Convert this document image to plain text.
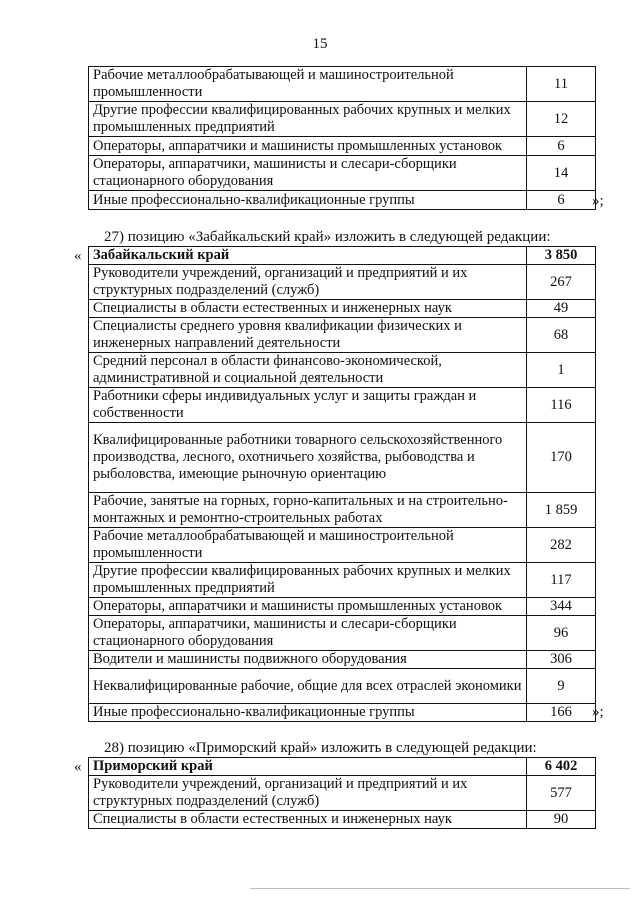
15
Рабочие металлообрабатывающей и машиностроительной промышленности	11
Другие профессии квалифицированных рабочих крупных и мелких промышленных предприятий	12
Операторы, аппаратчики и машинисты промышленных установок	6
Операторы, аппаратчики, машинисты и слесари-сборщики стационарного оборудования	14
Иные профессионально-квалификационные группы	6 »;
27) позицию «Забайкальский край» изложить в следующей редакции:
« Забайкальский край	3 850
Руководители учреждений, организаций и предприятий и их структурных подразделений (служб)	267
Специалисты в области естественных и инженерных наук	49
Специалисты среднего уровня квалификации физических и инженерных направлений деятельности	68
Средний персонал в области финансово-экономической, административной и социальной деятельности	1
Работники сферы индивидуальных услуг и защиты граждан и собственности	116
Квалифицированные работники товарного сельскохозяйственного производства, лесного, охотничьего хозяйства, рыбоводства и рыболовства, имеющие рыночную ориентацию	170
Рабочие, занятые на горных, горно-капитальных и на строительно-монтажных и ремонтно-строительных работах	1 859
Рабочие металлообрабатывающей и машиностроительной промышленности	282
Другие профессии квалифицированных рабочих крупных и мелких промышленных предприятий	117
Операторы, аппаратчики и машинисты промышленных установок	344
Операторы, аппаратчики, машинисты и слесари-сборщики стационарного оборудования	96
Водители и машинисты подвижного оборудования	306
Неквалифицированные рабочие, общие для всех отраслей экономики	9
Иные профессионально-квалификационные группы	166 »;
28) позицию «Приморский край» изложить в следующей редакции:
« Приморский край	6 402
Руководители учреждений, организаций и предприятий и их структурных подразделений (служб)	577
Специалисты в области естественных и инженерных наук	90
